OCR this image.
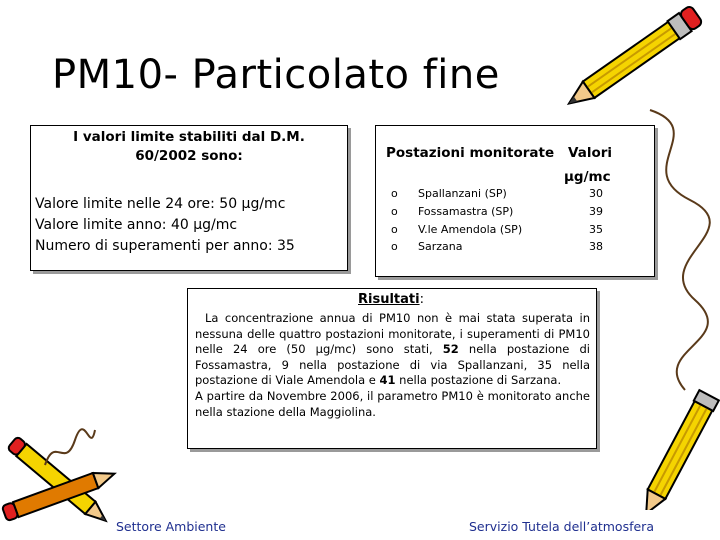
PM10- Particolato fine
I valori limite stabiliti dal D.M.
60/2002 sono:
Valore limite nelle 24 ore: 50 μg/mc
Valore limite anno: 40 μg/mc
Numero di superamenti per anno: 35
Postazioni monitorate Valori
μg/mc
o Spallanzani (SP)	30
o Fossamastra (SP)	39
o V.le Amendola (SP)	35
o Sarzana	38
Risultati:

La concentrazione annua di PM10 non è mai stata superata in nessuna delle quattro postazioni monitorate, i superamenti di PM10 nelle 24 ore (50 μg/mc) sono stati, 52 nella postazione di Fossamastra, 9 nella postazione di via Spallanzani, 35 nella postazione di Viale Amendola e 41 nella postazione di Sarzana.

A partire da Novembre 2006, il parametro PM10 è monitorato anche nella stazione della Maggiolina.

Settore Ambiente	Servizio Tutela dell’atmosfera
